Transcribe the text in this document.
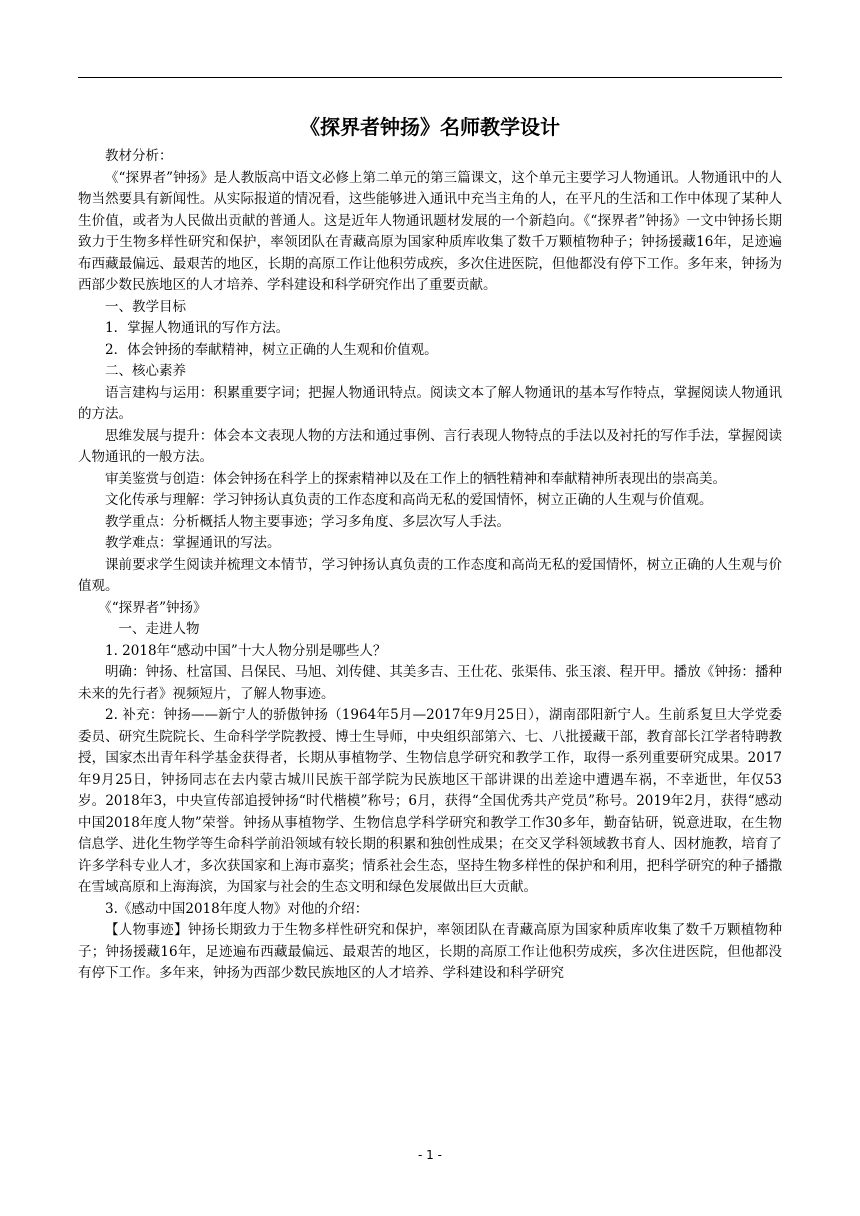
《探界者钟扬》名师教学设计

教材分析：

《“探界者”钟扬》是人教版高中语文必修上第二单元的第三篇课文，这个单元主要学习人物通讯。人物通讯中的人物当然要具有新闻性。从实际报道的情况看，这些能够进入通讯中充当主角的人，在平凡的生活和工作中体现了某种人生价值，或者为人民做出贡献的普通人。这是近年人物通讯题材发展的一个新趋向。《“探界者”钟扬》一文中钟扬长期致力于生物多样性研究和保护，率领团队在青藏高原为国家种质库收集了数千万颗植物种子；钟扬援藏16年，足迹遍布西藏最偏远、最艰苦的地区，长期的高原工作让他积劳成疾，多次住进医院，但他都没有停下工作。多年来，钟扬为西部少数民族地区的人才培养、学科建设和科学研究作出了重要贡献。

一、教学目标

1．掌握人物通讯的写作方法。

2．体会钟扬的奉献精神，树立正确的人生观和价值观。

二、核心素养

语言建构与运用：积累重要字词；把握人物通讯特点。阅读文本了解人物通讯的基本写作特点，掌握阅读人物通讯的方法。

思维发展与提升：体会本文表现人物的方法和通过事例、言行表现人物特点的手法以及衬托的写作手法，掌握阅读人物通讯的一般方法。

审美鉴赏与创造：体会钟扬在科学上的探索精神以及在工作上的牺牲精神和奉献精神所表现出的崇高美。

文化传承与理解：学习钟扬认真负责的工作态度和高尚无私的爱国情怀，树立正确的人生观与价值观。

教学重点：分析概括人物主要事迹；学习多角度、多层次写人手法。

教学难点：掌握通讯的写法。

课前要求学生阅读并梳理文本情节，学习钟扬认真负责的工作态度和高尚无私的爱国情怀，树立正确的人生观与价值观。

《“探界者”钟扬》

一、走进人物

1. 2018年“感动中国”十大人物分别是哪些人？

明确：钟扬、杜富国、吕保民、马旭、刘传健、其美多吉、王仕花、张渠伟、张玉滚、程开甲。播放《钟扬：播种未来的先行者》视频短片，了解人物事迹。

2. 补充：钟扬——新宁人的骄傲钟扬（1964年5月—2017年9月25日），湖南邵阳新宁人。生前系复旦大学党委委员、研究生院院长、生命科学学院教授、博士生导师，中央组织部第六、七、八批援藏干部，教育部长江学者特聘教授，国家杰出青年科学基金获得者，长期从事植物学、生物信息学研究和教学工作，取得一系列重要研究成果。2017年9月25日，钟扬同志在去内蒙古城川民族干部学院为民族地区干部讲课的出差途中遭遇车祸，不幸逝世，年仅53岁。2018年3，中央宣传部追授钟扬“时代楷模”称号；6月，获得“全国优秀共产党员”称号。2019年2月，获得“感动中国2018年度人物”荣誉。钟扬从事植物学、生物信息学科学研究和教学工作30多年，勤奋钻研，锐意进取，在生物信息学、进化生物学等生命科学前沿领域有较长期的积累和独创性成果；在交叉学科领域教书育人、因材施教，培育了许多学科专业人才，多次获国家和上海市嘉奖；情系社会生态，坚持生物多样性的保护和利用，把科学研究的种子播撒在雪域高原和上海海滨，为国家与社会的生态文明和绿色发展做出巨大贡献。

3.《感动中国2018年度人物》对他的介绍：

【人物事迹】钟扬长期致力于生物多样性研究和保护，率领团队在青藏高原为国家种质库收集了数千万颗植物种子；钟扬援藏16年，足迹遍布西藏最偏远、最艰苦的地区，长期的高原工作让他积劳成疾，多次住进医院，但他都没有停下工作。多年来，钟扬为西部少数民族地区的人才培养、学科建设和科学研究

- 1 -
